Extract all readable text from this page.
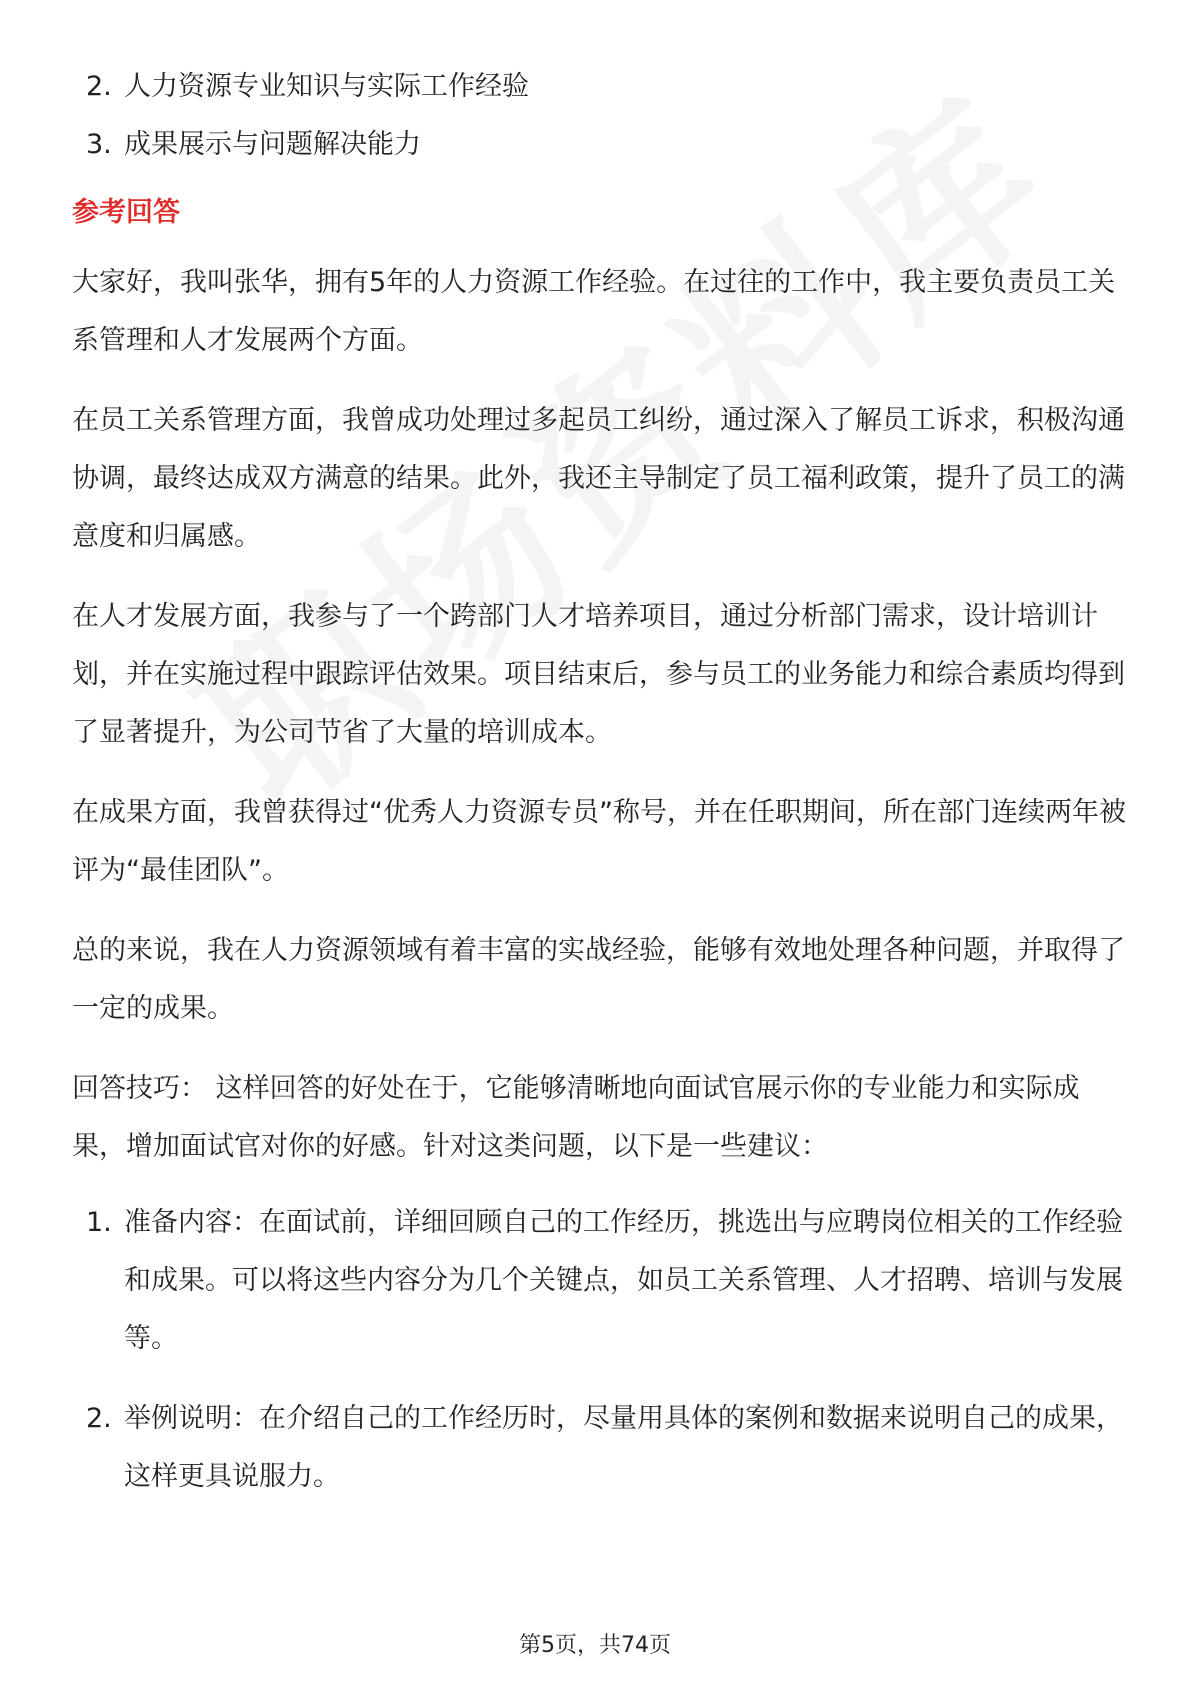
2. 人力资源专业知识与实际工作经验
3. 成果展示与问题解决能力
参考回答

大家好，我叫张华，拥有5年的人力资源工作经验。在过往的工作中，我主要负责员工关系管理和人才发展两个方面。

在员工关系管理方面，我曾成功处理过多起员工纠纷，通过深入了解员工诉求，积极沟通协调，最终达成双方满意的结果。此外，我还主导制定了员工福利政策，提升了员工的满意度和归属感。

在人才发展方面，我参与了一个跨部门人才培养项目，通过分析部门需求，设计培训计划，并在实施过程中跟踪评估效果。项目结束后，参与员工的业务能力和综合素质均得到了显著提升，为公司节省了大量的培训成本。

在成果方面，我曾获得过“优秀人力资源专员”称号，并在任职期间，所在部门连续两年被评为“最佳团队”。

总的来说，我在人力资源领域有着丰富的实战经验，能够有效地处理各种问题，并取得了一定的成果。

回答技巧： 这样回答的好处在于，它能够清晰地向面试官展示你的专业能力和实际成果，增加面试官对你的好感。针对这类问题，以下是一些建议：

1. 准备内容：在面试前，详细回顾自己的工作经历，挑选出与应聘岗位相关的工作经验和成果。可以将这些内容分为几个关键点，如员工关系管理、人才招聘、培训与发展等。
2. 举例说明：在介绍自己的工作经历时，尽量用具体的案例和数据来说明自己的成果，这样更具说服力。
第5页，共74页
